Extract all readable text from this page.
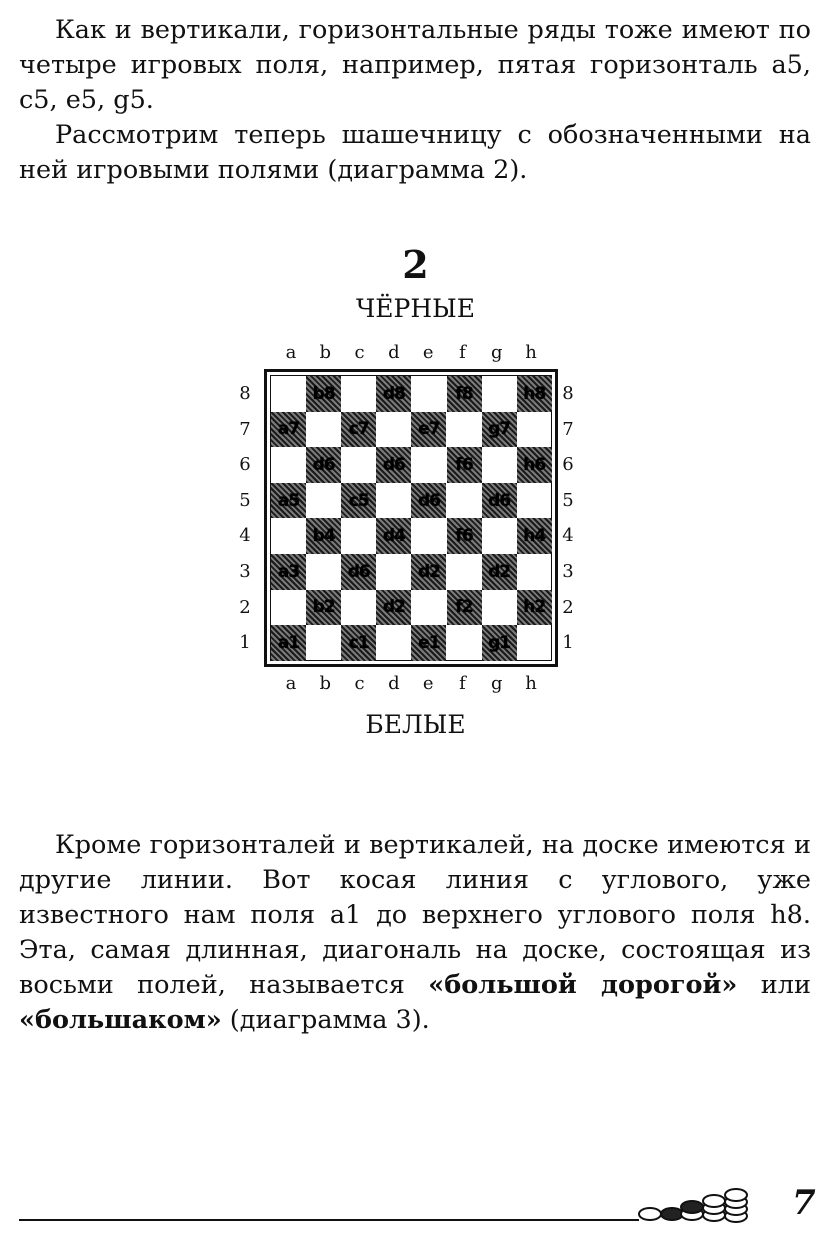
Как и вертикали, горизонтальные ряды тоже имеют по четыре игровых поля, например, пятая горизонталь a5, c5, e5, g5.

Рассмотрим теперь шашечницу с обозначенными на ней игровыми полями (диаграмма 2).

2
ЧЁРНЫЕ
a	b	c	d	e	f	g	h
a	b	c	d	e	f	g	h
8
7
6
5
4
3
2
1
8
7
6
5
4
3
2
1
b8	d8	f8	h8
a7	c7	e7	g7
d6	d6	f6	h6
a5	c5	d6	d6
b4	d4	f6	h4
a3	d6	d2	d2
b2	d2	f2	h2
a1	c1	e1	g1
БЕЛЫЕ

Кроме горизонталей и вертикалей, на доске имеются и другие линии. Вот косая линия с углового, уже известного нам поля a1 до верхнего углового поля h8. Эта, самая длинная, диагональ на доске, состоящая из восьми полей, называется «большой дорогой» или «большаком» (диаграмма 3).

7
